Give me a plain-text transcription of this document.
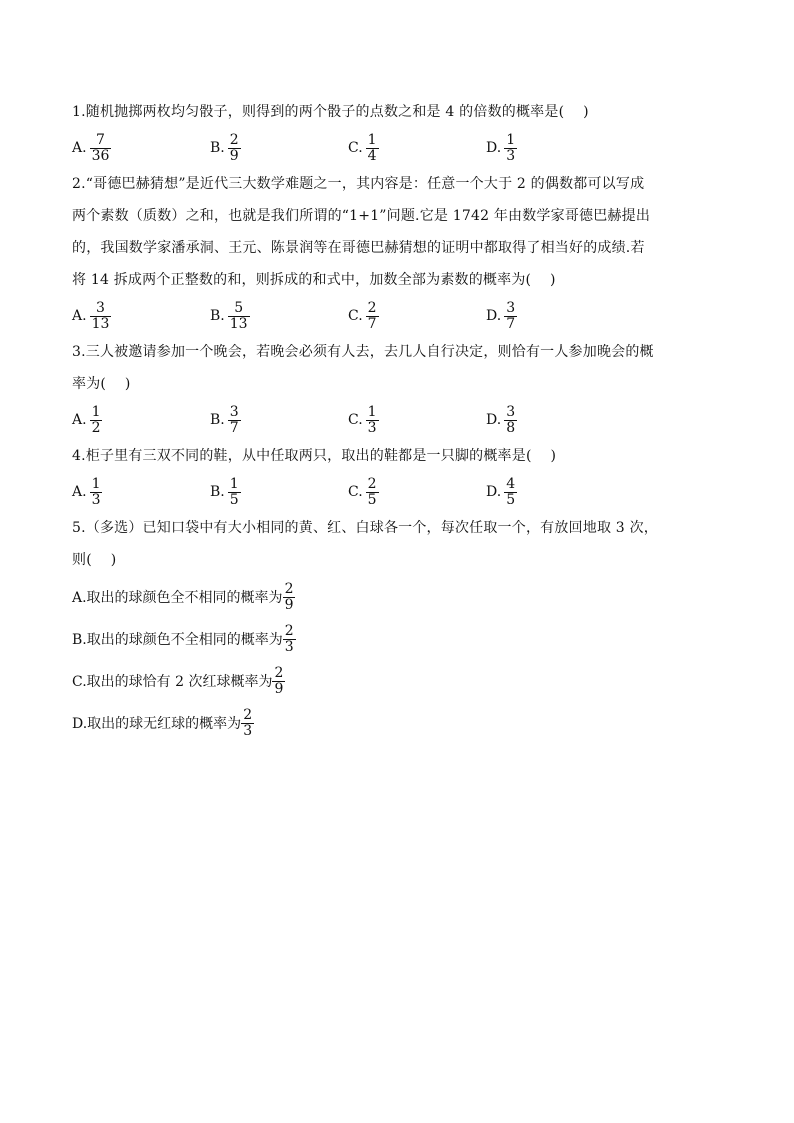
1.随机抛掷两枚均匀骰子，则得到的两个骰子的点数之和是 4 的倍数的概率是(　 )
A. $\frac{7}{36}$	B. $\frac{2}{9}$	C. $\frac{1}{4}$	D. $\frac{1}{3}$
2.“哥德巴赫猜想”是近代三大数学难题之一，其内容是：任意一个大于 2 的偶数都可以写成
两个素数（质数）之和，也就是我们所谓的“1+1”问题.它是 1742 年由数学家哥德巴赫提出
的，我国数学家潘承洞、王元、陈景润等在哥德巴赫猜想的证明中都取得了相当好的成绩.若
将 14 拆成两个正整数的和，则拆成的和式中，加数全部为素数的概率为(　 )
A. $\frac{3}{13}$	B. $\frac{5}{13}$	C. $\frac{2}{7}$	D. $\frac{3}{7}$
3.三人被邀请参加一个晚会，若晚会必须有人去，去几人自行决定，则恰有一人参加晚会的概
率为(　 )
A. $\frac{1}{2}$	B. $\frac{3}{7}$	C. $\frac{1}{3}$	D. $\frac{3}{8}$
4.柜子里有三双不同的鞋，从中任取两只，取出的鞋都是一只脚的概率是(　 )
A. $\frac{1}{3}$	B. $\frac{1}{5}$	C. $\frac{2}{5}$	D. $\frac{4}{5}$
5.（多选）已知口袋中有大小相同的黄、红、白球各一个，每次任取一个，有放回地取 3 次，
则(　 )
A.取出的球颜色全不相同的概率为 $\frac{2}{9}$
B.取出的球颜色不全相同的概率为 $\frac{2}{3}$
C.取出的球恰有 2 次红球概率为 $\frac{2}{9}$
D.取出的球无红球的概率为 $\frac{2}{3}$
